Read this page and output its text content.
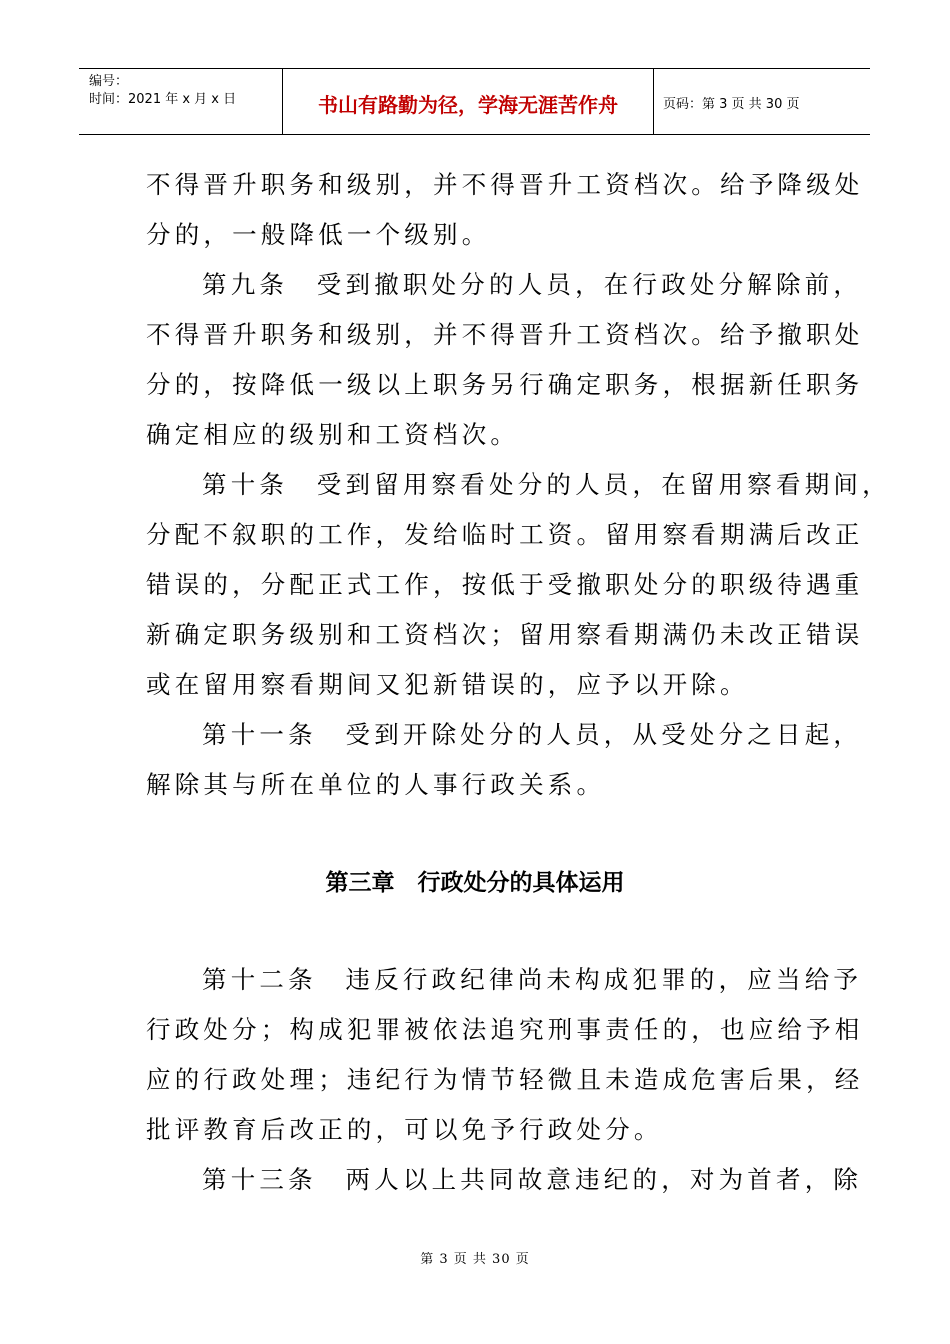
编号：
时间：2021 年 x 月 x 日	书山有路勤为径，学海无涯苦作舟	页码：第 3 页 共 30 页
不得晋升职务和级别，并不得晋升工资档次。给予降级处
分的，一般降低一个级别。
第九条　受到撤职处分的人员，在行政处分解除前，
不得晋升职务和级别，并不得晋升工资档次。给予撤职处
分的，按降低一级以上职务另行确定职务，根据新任职务
确定相应的级别和工资档次。
第十条　受到留用察看处分的人员，在留用察看期间，
分配不叙职的工作，发给临时工资。留用察看期满后改正
错误的，分配正式工作，按低于受撤职处分的职级待遇重
新确定职务级别和工资档次；留用察看期满仍未改正错误
或在留用察看期间又犯新错误的，应予以开除。
第十一条　受到开除处分的人员，从受处分之日起，
解除其与所在单位的人事行政关系。
第三章　行政处分的具体运用
第十二条　违反行政纪律尚未构成犯罪的，应当给予
行政处分；构成犯罪被依法追究刑事责任的，也应给予相
应的行政处理；违纪行为情节轻微且未造成危害后果，经
批评教育后改正的，可以免予行政处分。
第十三条　两人以上共同故意违纪的，对为首者，除
第 3 页 共 30 页
